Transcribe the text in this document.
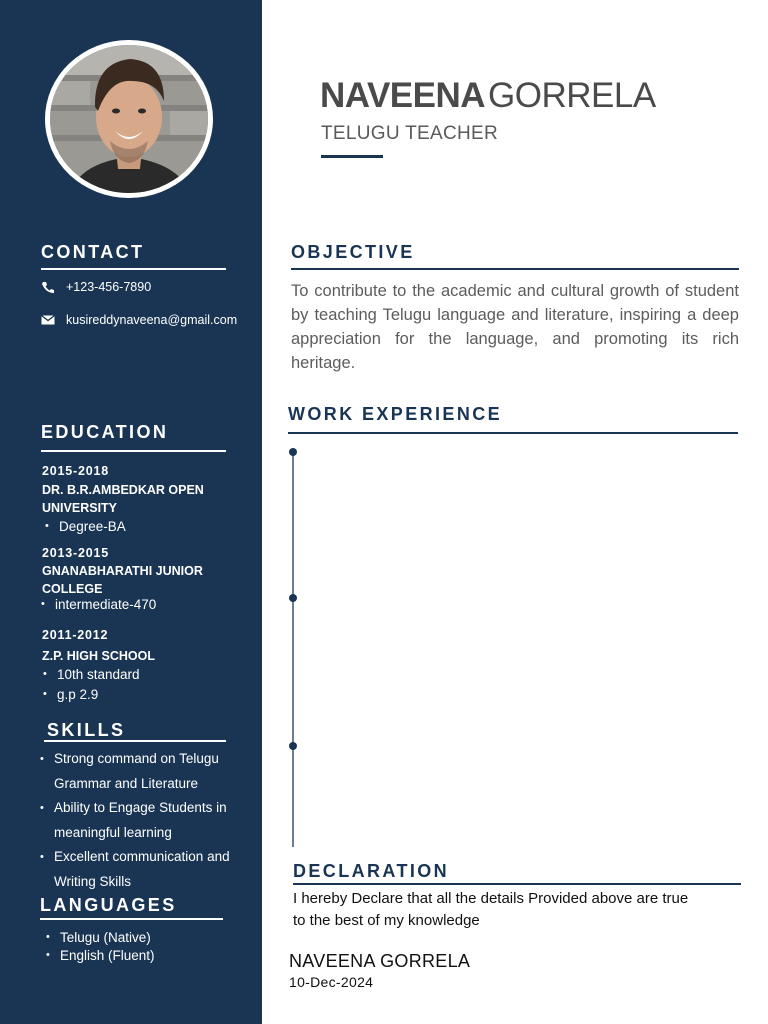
CONTACT
+123-456-7890
kusireddynaveena@gmail.com
EDUCATION
2015-2018
DR. B.R.AMBEDKAR OPEN UNIVERSITY
• Degree-BA
2013-2015
GNANABHARATHI JUNIOR COLLEGE
• intermediate-470
2011-2012
Z.P. HIGH SCHOOL
• 10th standard
• g.p 2.9
SKILLS
• Strong command on Telugu Grammar and Literature
• Ability to Engage Students in meaningful learning
• Excellent communication and Writing Skills
LANGUAGES
• Telugu (Native)
• English (Fluent)
NAVEENAGORRELA
TELUGU TEACHER
OBJECTIVE
To contribute to the academic and cultural growth of student by teaching Telugu language and literature, inspiring a deep appreciation for the language, and promoting its rich heritage.
WORK EXPERIENCE
DECLARATION
I hereby Declare that all the details Provided above are true to the best of my knowledge
NAVEENA GORRELA
10-Dec-2024
